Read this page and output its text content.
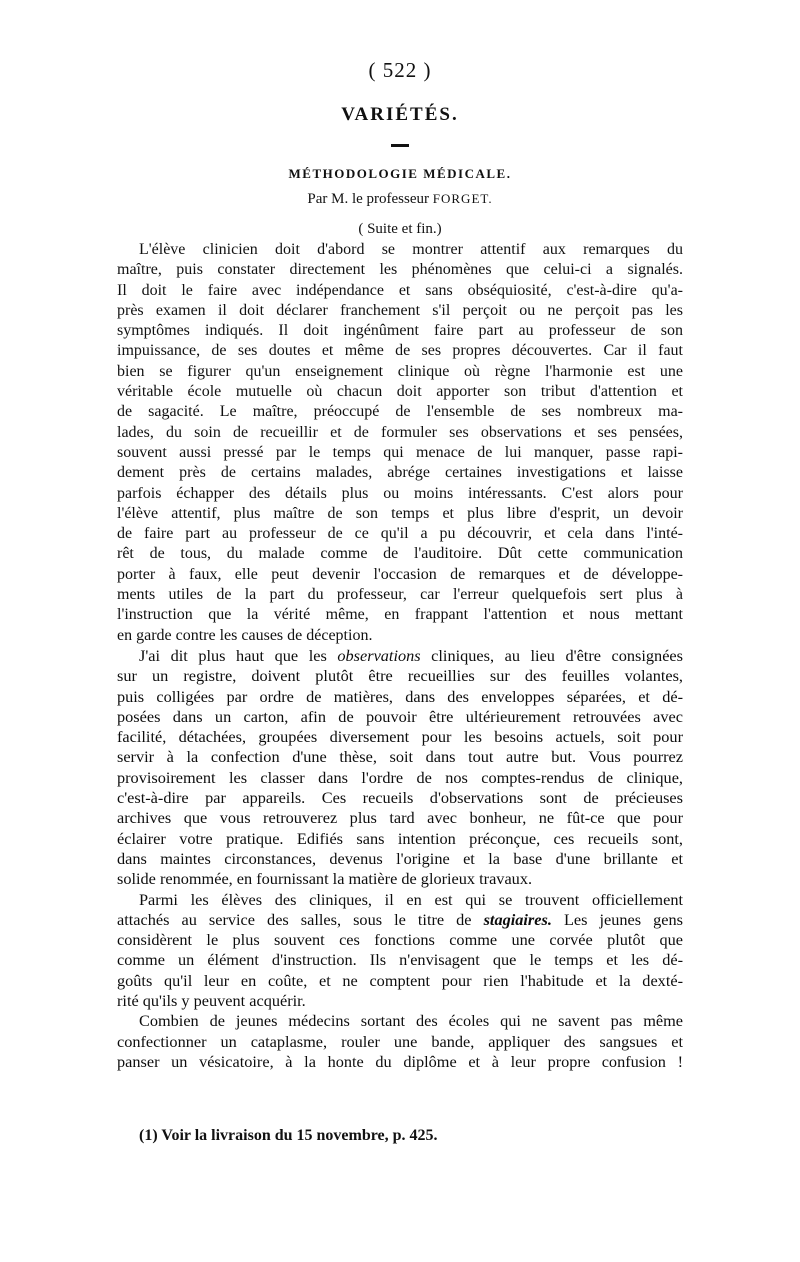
( 522 )
VARIÉTÉS.
MÉTHODOLOGIE MÉDICALE.
Par M. le professeur FORGET.
( Suite et fin.)
L'élève clinicien doit d'abord se montrer attentif aux remarques du
maître, puis constater directement les phénomènes que celui-ci a signalés.
Il doit le faire avec indépendance et sans obséquiosité, c'est-à-dire qu'a-
près examen il doit déclarer franchement s'il perçoit ou ne perçoit pas les
symptômes indiqués. Il doit ingénûment faire part au professeur de son
impuissance, de ses doutes et même de ses propres découvertes. Car il faut
bien se figurer qu'un enseignement clinique où règne l'harmonie est une
véritable école mutuelle où chacun doit apporter son tribut d'attention et
de sagacité. Le maître, préoccupé de l'ensemble de ses nombreux ma-
lades, du soin de recueillir et de formuler ses observations et ses pensées,
souvent aussi pressé par le temps qui menace de lui manquer, passe rapi-
dement près de certains malades, abrége certaines investigations et laisse
parfois échapper des détails plus ou moins intéressants. C'est alors pour
l'élève attentif, plus maître de son temps et plus libre d'esprit, un devoir
de faire part au professeur de ce qu'il a pu découvrir, et cela dans l'inté-
rêt de tous, du malade comme de l'auditoire. Dût cette communication
porter à faux, elle peut devenir l'occasion de remarques et de développe-
ments utiles de la part du professeur, car l'erreur quelquefois sert plus à
l'instruction que la vérité même, en frappant l'attention et nous mettant
en garde contre les causes de déception.
J'ai dit plus haut que les observations cliniques, au lieu d'être consignées
sur un registre, doivent plutôt être recueillies sur des feuilles volantes,
puis colligées par ordre de matières, dans des enveloppes séparées, et dé-
posées dans un carton, afin de pouvoir être ultérieurement retrouvées avec
facilité, détachées, groupées diversement pour les besoins actuels, soit pour
servir à la confection d'une thèse, soit dans tout autre but. Vous pourrez
provisoirement les classer dans l'ordre de nos comptes-rendus de clinique,
c'est-à-dire par appareils. Ces recueils d'observations sont de précieuses
archives que vous retrouverez plus tard avec bonheur, ne fût-ce que pour
éclairer votre pratique. Edifiés sans intention préconçue, ces recueils sont,
dans maintes circonstances, devenus l'origine et la base d'une brillante et
solide renommée, en fournissant la matière de glorieux travaux.
Parmi les élèves des cliniques, il en est qui se trouvent officiellement
attachés au service des salles, sous le titre de stagiaires. Les jeunes gens
considèrent le plus souvent ces fonctions comme une corvée plutôt que
comme un élément d'instruction. Ils n'envisagent que le temps et les dé-
goûts qu'il leur en coûte, et ne comptent pour rien l'habitude et la dexté-
rité qu'ils y peuvent acquérir.
Combien de jeunes médecins sortant des écoles qui ne savent pas même
confectionner un cataplasme, rouler une bande, appliquer des sangsues et
panser un vésicatoire, à la honte du diplôme et à leur propre confusion !
(1) Voir la livraison du 15 novembre, p. 425.
